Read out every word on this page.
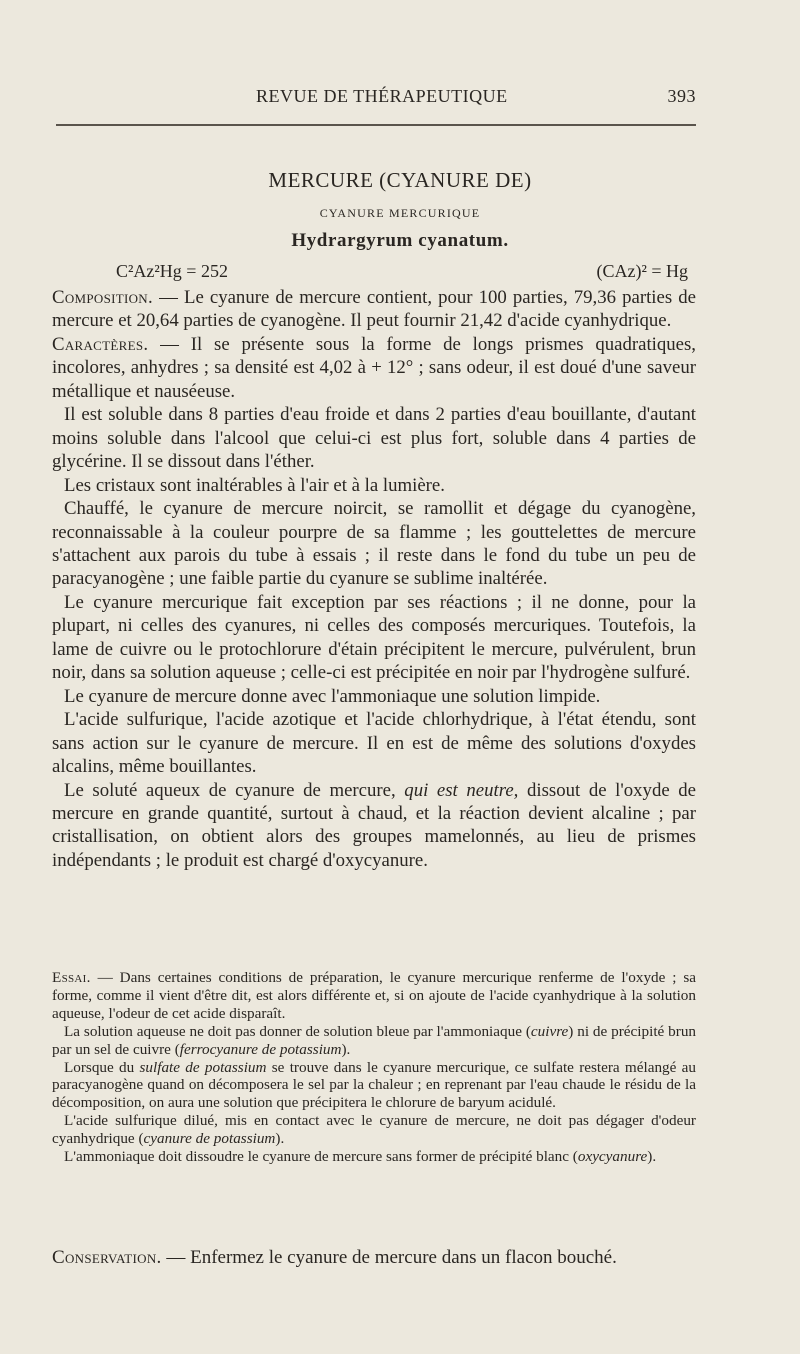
REVUE DE THÉRAPEUTIQUE	393
MERCURE (CYANURE DE)
CYANURE MERCURIQUE
Hydrargyrum cyanatum.
C²Az²Hg = 252	(CAz)² = Hg

Composition. — Le cyanure de mercure contient, pour 100 parties, 79,36 parties de mercure et 20,64 parties de cyanogène. Il peut fournir 21,42 d'acide cyanhydrique.

Caractères. — Il se présente sous la forme de longs prismes quadratiques, incolores, anhydres ; sa densité est 4,02 à + 12° ; sans odeur, il est doué d'une saveur métallique et nauséeuse.

Il est soluble dans 8 parties d'eau froide et dans 2 parties d'eau bouillante, d'autant moins soluble dans l'alcool que celui-ci est plus fort, soluble dans 4 parties de glycérine. Il se dissout dans l'éther.

Les cristaux sont inaltérables à l'air et à la lumière.

Chauffé, le cyanure de mercure noircit, se ramollit et dégage du cyanogène, reconnaissable à la couleur pourpre de sa flamme ; les gouttelettes de mercure s'attachent aux parois du tube à essais ; il reste dans le fond du tube un peu de paracyanogène ; une faible partie du cyanure se sublime inaltérée.

Le cyanure mercurique fait exception par ses réactions ; il ne donne, pour la plupart, ni celles des cyanures, ni celles des composés mercuriques. Toutefois, la lame de cuivre ou le protochlorure d'étain précipitent le mercure, pulvérulent, brun noir, dans sa solution aqueuse ; celle-ci est précipitée en noir par l'hydrogène sulfuré.

Le cyanure de mercure donne avec l'ammoniaque une solution limpide.

L'acide sulfurique, l'acide azotique et l'acide chlorhydrique, à l'état étendu, sont sans action sur le cyanure de mercure. Il en est de même des solutions d'oxydes alcalins, même bouillantes.

Le soluté aqueux de cyanure de mercure, qui est neutre, dissout de l'oxyde de mercure en grande quantité, surtout à chaud, et la réaction devient alcaline ; par cristallisation, on obtient alors des groupes mamelonnés, au lieu de prismes indépendants ; le produit est chargé d'oxycyanure.

Essai. — Dans certaines conditions de préparation, le cyanure mercurique renferme de l'oxyde ; sa forme, comme il vient d'être dit, est alors différente et, si on ajoute de l'acide cyanhydrique à la solution aqueuse, l'odeur de cet acide disparaît.

La solution aqueuse ne doit pas donner de solution bleue par l'ammoniaque (cuivre) ni de précipité brun par un sel de cuivre (ferrocyanure de potassium).

Lorsque du sulfate de potassium se trouve dans le cyanure mercurique, ce sulfate restera mélangé au paracyanogène quand on décomposera le sel par la chaleur ; en reprenant par l'eau chaude le résidu de la décomposition, on aura une solution que précipitera le chlorure de baryum acidulé.

L'acide sulfurique dilué, mis en contact avec le cyanure de mercure, ne doit pas dégager d'odeur cyanhydrique (cyanure de potassium).

L'ammoniaque doit dissoudre le cyanure de mercure sans former de précipité blanc (oxycyanure).

Conservation. — Enfermez le cyanure de mercure dans un flacon bouché.
